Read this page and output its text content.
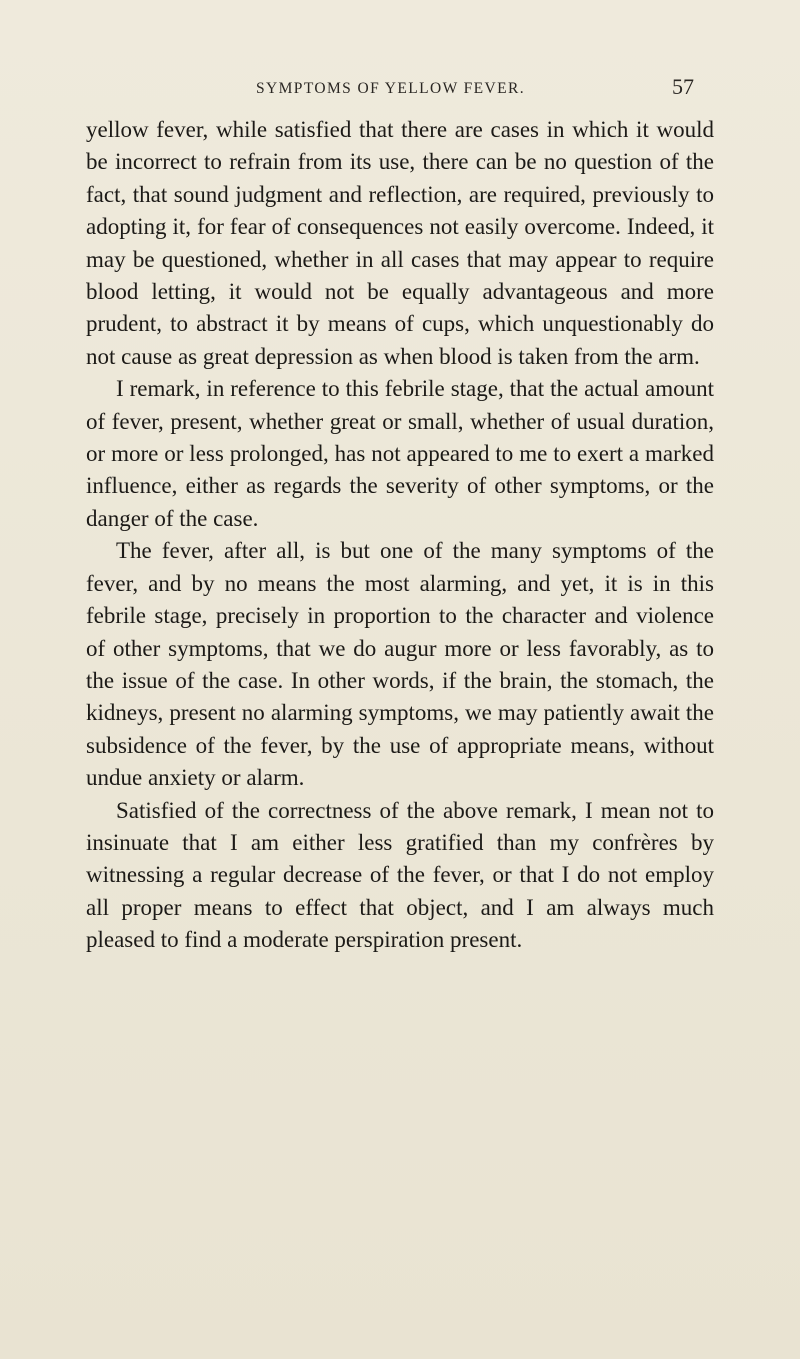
SYMPTOMS OF YELLOW FEVER.	57

yellow fever, while satisfied that there are cases in which it would be incorrect to refrain from its use, there can be no question of the fact, that sound judgment and reflection, are required, previously to adopting it, for fear of consequences not easily overcome. Indeed, it may be questioned, whether in all cases that may appear to require blood letting, it would not be equally advantageous and more prudent, to abstract it by means of cups, which unquestionably do not cause as great depression as when blood is taken from the arm.

I remark, in reference to this febrile stage, that the actual amount of fever, present, whether great or small, whether of usual duration, or more or less prolonged, has not appeared to me to exert a marked influence, either as regards the severity of other symptoms, or the danger of the case.

The fever, after all, is but one of the many symptoms of the fever, and by no means the most alarming, and yet, it is in this febrile stage, precisely in proportion to the character and violence of other symptoms, that we do augur more or less favorably, as to the issue of the case. In other words, if the brain, the stomach, the kidneys, present no alarming symptoms, we may patiently await the subsidence of the fever, by the use of appropriate means, without undue anxiety or alarm.

Satisfied of the correctness of the above remark, I mean not to insinuate that I am either less gratified than my confrères by witnessing a regular decrease of the fever, or that I do not employ all proper means to effect that object, and I am always much pleased to find a moderate perspiration present.
